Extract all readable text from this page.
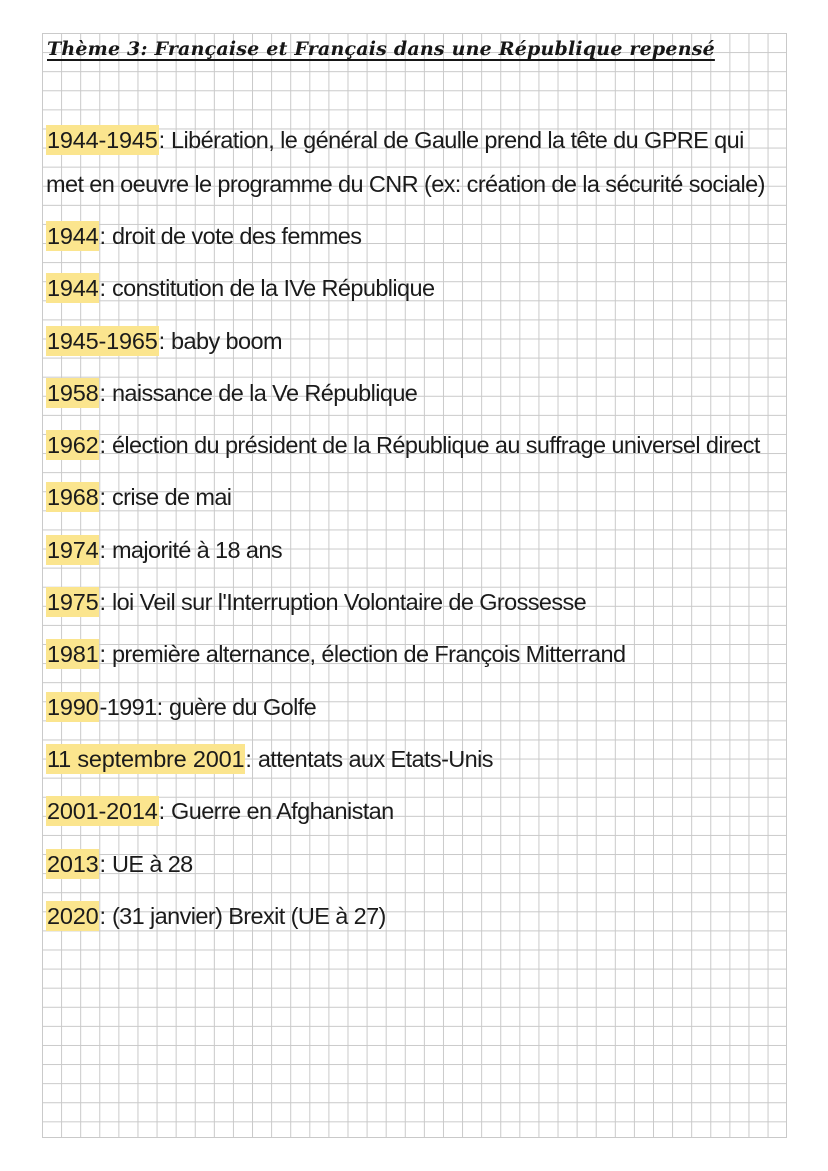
Thème 3: Française et Français dans une République repensé
1944-1945: Libération, le général de Gaulle prend la tête du GPRE qui
met en oeuvre le programme du CNR (ex: création de la sécurité sociale)
1944: droit de vote des femmes
1944: constitution de la IVe République
1945-1965: baby boom
1958: naissance de la Ve République
1962: élection du président de la République au suffrage universel direct
1968: crise de mai
1974: majorité à 18 ans
1975: loi Veil sur l'Interruption Volontaire de Grossesse
1981: première alternance, élection de François Mitterrand
1990-1991: guère du Golfe
11 septembre 2001: attentats aux Etats-Unis
2001-2014: Guerre en Afghanistan
2013: UE à 28
2020: (31 janvier) Brexit (UE à 27)
